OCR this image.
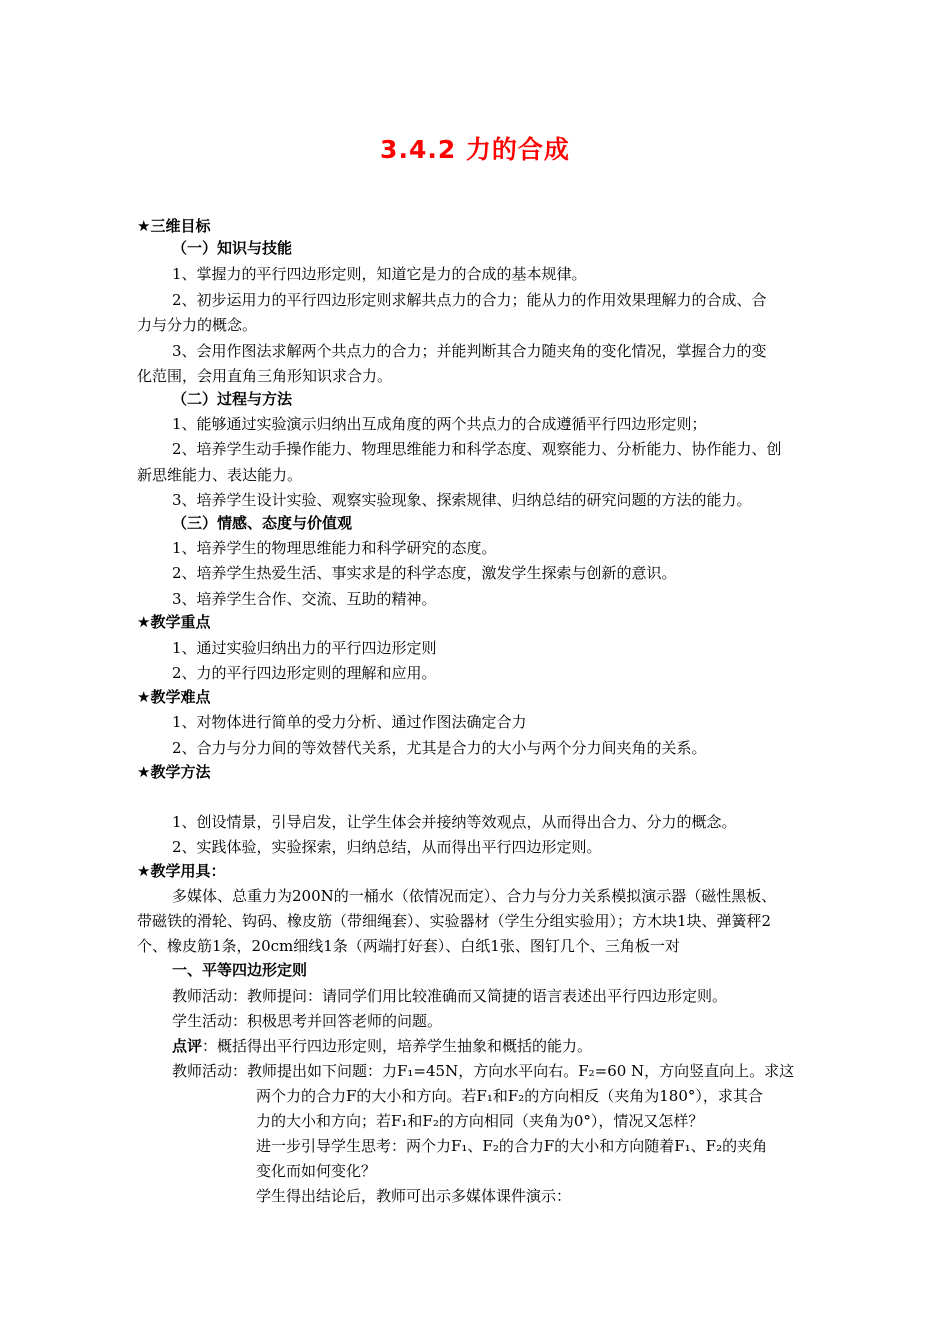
3.4.2 力的合成
★三维目标
（一）知识与技能
1、掌握力的平行四边形定则，知道它是力的合成的基本规律。
2、初步运用力的平行四边形定则求解共点力的合力；能从力的作用效果理解力的合成、合
力与分力的概念。
3、会用作图法求解两个共点力的合力；并能判断其合力随夹角的变化情况，掌握合力的变
化范围，会用直角三角形知识求合力。
（二）过程与方法
1、能够通过实验演示归纳出互成角度的两个共点力的合成遵循平行四边形定则；
2、培养学生动手操作能力、物理思维能力和科学态度、观察能力、分析能力、协作能力、创
新思维能力、表达能力。
3、培养学生设计实验、观察实验现象、探索规律、归纳总结的研究问题的方法的能力。
（三）情感、态度与价值观
1、培养学生的物理思维能力和科学研究的态度。
2、培养学生热爱生活、事实求是的科学态度，激发学生探索与创新的意识。
3、培养学生合作、交流、互助的精神。
★教学重点
1、通过实验归纳出力的平行四边形定则
2、力的平行四边形定则的理解和应用。
★教学难点
1、对物体进行简单的受力分析、通过作图法确定合力
2、合力与分力间的等效替代关系，尤其是合力的大小与两个分力间夹角的关系。
★教学方法
1、创设情景，引导启发，让学生体会并接纳等效观点，从而得出合力、分力的概念。
2、实践体验，实验探索，归纳总结，从而得出平行四边形定则。
★教学用具：
多媒体、总重力为200N的一桶水（依情况而定）、合力与分力关系模拟演示器（磁性黑板、
带磁铁的滑轮、钩码、橡皮筋（带细绳套）、实验器材（学生分组实验用）；方木块1块、弹簧秤2
个、橡皮筋1条，20cm细线1条（两端打好套）、白纸1张、图钉几个、三角板一对
一、平等四边形定则
教师活动：教师提问：请同学们用比较准确而又简捷的语言表述出平行四边形定则。
学生活动：积极思考并回答老师的问题。
点评：概括得出平行四边形定则，培养学生抽象和概括的能力。
教师活动：教师提出如下问题：力F₁=45N，方向水平向右。F₂=60 N，方向竖直向上。求这
两个力的合力F的大小和方向。若F₁和F₂的方向相反（夹角为180°），求其合
力的大小和方向；若F₁和F₂的方向相同（夹角为0°），情况又怎样？
进一步引导学生思考：两个力F₁、F₂的合力F的大小和方向随着F₁、F₂的夹角
变化而如何变化？
学生得出结论后，教师可出示多媒体课件演示：
